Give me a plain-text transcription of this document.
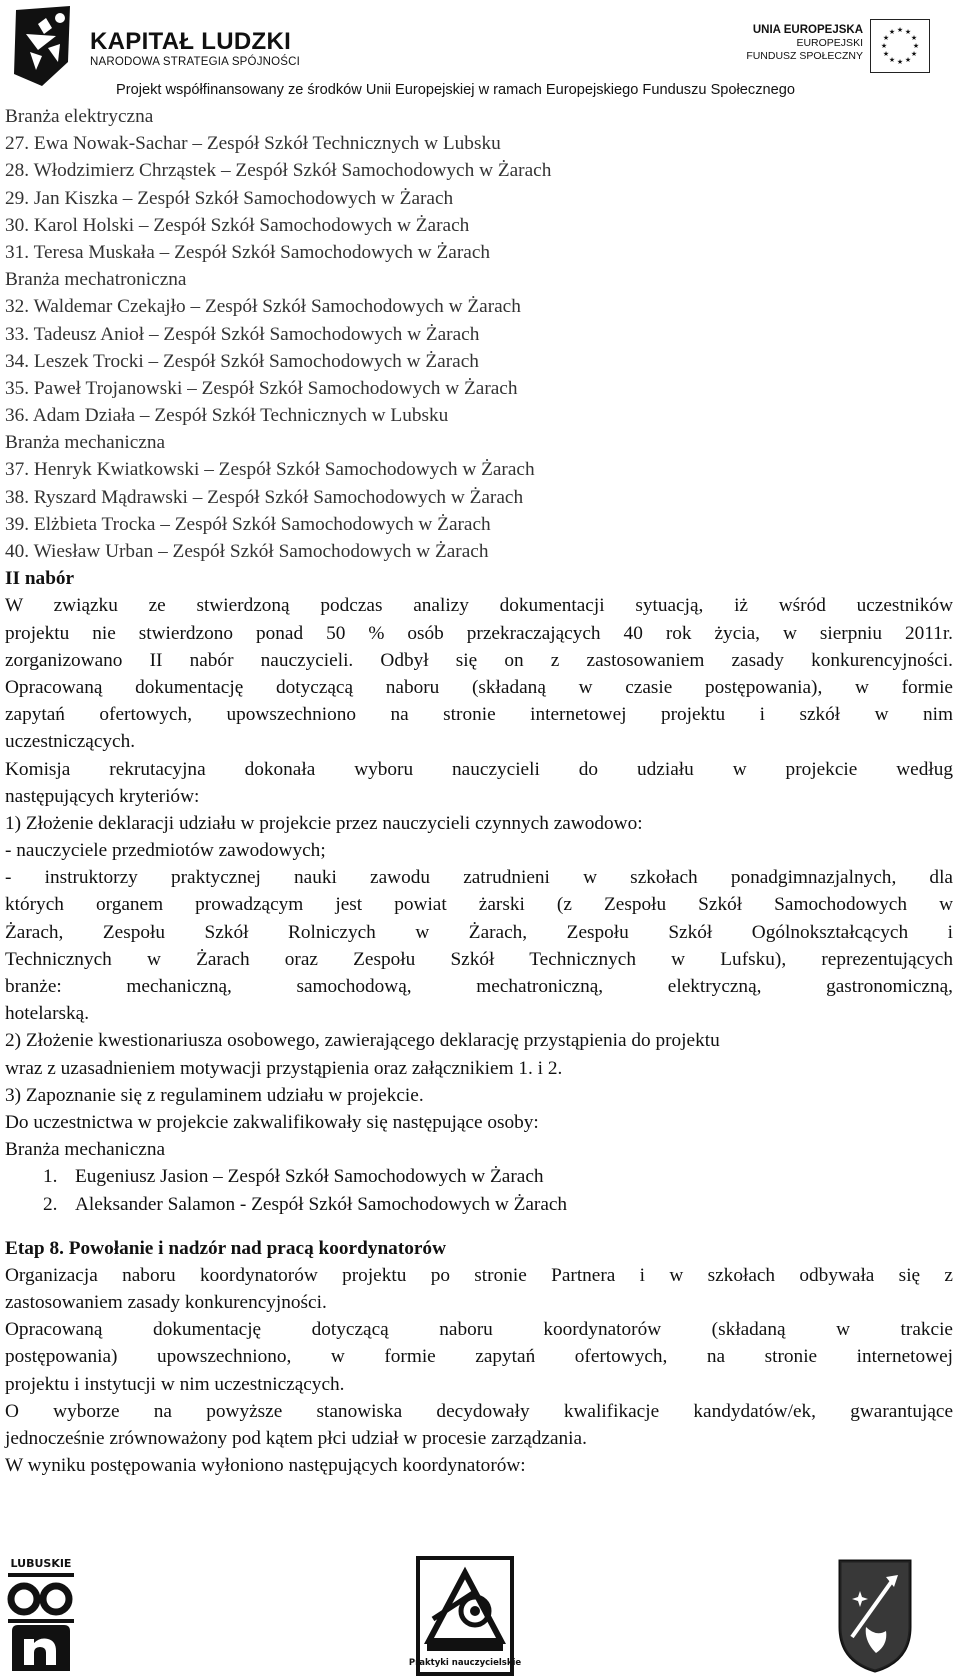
KAPITAŁ LUDZKI
NARODOWA STRATEGIA SPÓJNOŚCI
UNIA EUROPEJSKA
EUROPEJSKI
FUNDUSZ SPOŁECZNY
★ ★
★
★
★
★
★
★
★
★
★
★
Projekt współfinansowany ze środków Unii Europejskiej w ramach Europejskiego Funduszu Społecznego
Branża elektryczna
27. Ewa Nowak-Sachar – Zespół Szkół Technicznych w Lubsku
28. Włodzimierz Chrząstek – Zespół Szkół Samochodowych w Żarach
29. Jan Kiszka – Zespół Szkół Samochodowych w Żarach
30. Karol Holski – Zespół Szkół Samochodowych w Żarach
31. Teresa Muskała – Zespół Szkół Samochodowych w Żarach
Branża mechatroniczna
32. Waldemar Czekajło – Zespół Szkół Samochodowych w Żarach
33. Tadeusz Anioł – Zespół Szkół Samochodowych w Żarach
34. Leszek Trocki – Zespół Szkół Samochodowych w Żarach
35. Paweł Trojanowski – Zespół Szkół Samochodowych w Żarach
36. Adam Działa – Zespół Szkół Technicznych w Lubsku
Branża mechaniczna
37. Henryk Kwiatkowski – Zespół Szkół Samochodowych w Żarach
38. Ryszard Mądrawski – Zespół Szkół Samochodowych w Żarach
39. Elżbieta Trocka – Zespół Szkół Samochodowych w Żarach
40. Wiesław Urban – Zespół Szkół Samochodowych w Żarach
II nabór
W związku ze stwierdzoną podczas analizy dokumentacji sytuacją, iż wśród uczestników
projektu nie stwierdzono ponad 50 % osób przekraczających 40 rok życia, w sierpniu 2011r.
zorganizowano II nabór nauczycieli. Odbył się on z zastosowaniem zasady konkurencyjności.
Opracowaną dokumentację dotyczącą naboru (składaną w czasie postępowania), w formie
zapytań ofertowych, upowszechniono na stronie internetowej projektu i szkół w nim
uczestniczących.
Komisja rekrutacyjna dokonała wyboru nauczycieli do udziału w projekcie według
następujących kryteriów:
1) Złożenie deklaracji udziału w projekcie przez nauczycieli czynnych zawodowo:
- nauczyciele przedmiotów zawodowych;
- instruktorzy praktycznej nauki zawodu zatrudnieni w szkołach ponadgimnazjalnych, dla
których organem prowadzącym jest powiat żarski (z Zespołu Szkół Samochodowych w
Żarach, Zespołu Szkół Rolniczych w Żarach, Zespołu Szkół Ogólnokształcących i
Technicznych w Żarach oraz Zespołu Szkół Technicznych w Lufsku), reprezentujących
branże: mechaniczną, samochodową, mechatroniczną, elektryczną, gastronomiczną,
hotelarską.
2) Złożenie kwestionariusza osobowego, zawierającego deklarację przystąpienia do projektu
wraz z uzasadnieniem motywacji przystąpienia oraz załącznikiem 1. i 2.
3) Zapoznanie się z regulaminem udziału w projekcie.
Do uczestnictwa w projekcie zakwalifikowały się następujące osoby:
Branża mechaniczna
1. Eugeniusz Jasion – Zespół Szkół Samochodowych w Żarach
2. Aleksander Salamon - Zespół Szkół Samochodowych w Żarach
Etap 8. Powołanie i nadzór nad pracą koordynatorów
Organizacja naboru koordynatorów projektu po stronie Partnera i w szkołach odbywała się z
zastosowaniem zasady konkurencyjności.
Opracowaną dokumentację dotyczącą naboru koordynatorów (składaną w trakcie
postępowania) upowszechniono, w formie zapytań ofertowych, na stronie internetowej
projektu i instytucji w nim uczestniczących.
O wyborze na powyższe stanowiska decydowały kwalifikacje kandydatów/ek, gwarantujące
jednocześnie zrównoważony pod kątem płci udział w procesie zarządzania.
W wyniku postępowania wyłoniono następujących koordynatorów:
LUBUSKIE
Praktyki nauczycielskie
